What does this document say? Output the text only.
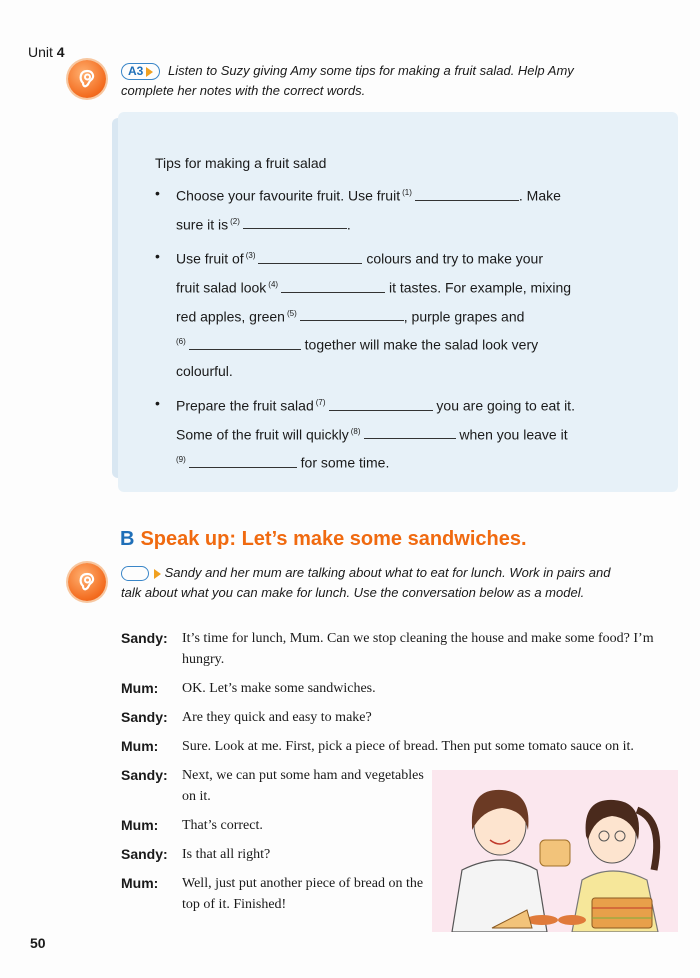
Unit 4
A3 Listen to Suzy giving Amy some tips for making a fruit salad. Help Amy complete her notes with the correct words.
Tips for making a fruit salad
• Choose your favourite fruit. Use fruit $^{(1)}$	. Make
sure it is $^{(2)}$	.
• Use fruit of $^{(3)}$	colours and try to make your
fruit salad look $^{(4)}$	it tastes. For example, mixing
red apples, green $^{(5)}$	, purple grapes and
$^{(6)}$	together will make the salad look very
colourful.
• Prepare the fruit salad $^{(7)}$	you are going to eat it.
Some of the fruit will quickly $^{(8)}$	when you leave it
$^{(9)}$	for some time.
B Speak up: Let’s make some sandwiches.
Sandy and her mum are talking about what to eat for lunch. Work in pairs and talk about what you can make for lunch. Use the conversation below as a model.
Sandy: It’s time for lunch, Mum. Can we stop cleaning the house and make some food? I’m hungry.
Mum: OK. Let’s make some sandwiches.
Sandy: Are they quick and easy to make?
Mum: Sure. Look at me. First, pick a piece of bread. Then put some tomato sauce on it.
Sandy: Next, we can put some ham and vegetables on it.
Mum: That’s correct.
Sandy: Is that all right?
Mum: Well, just put another piece of bread on the top of it. Finished!
50
